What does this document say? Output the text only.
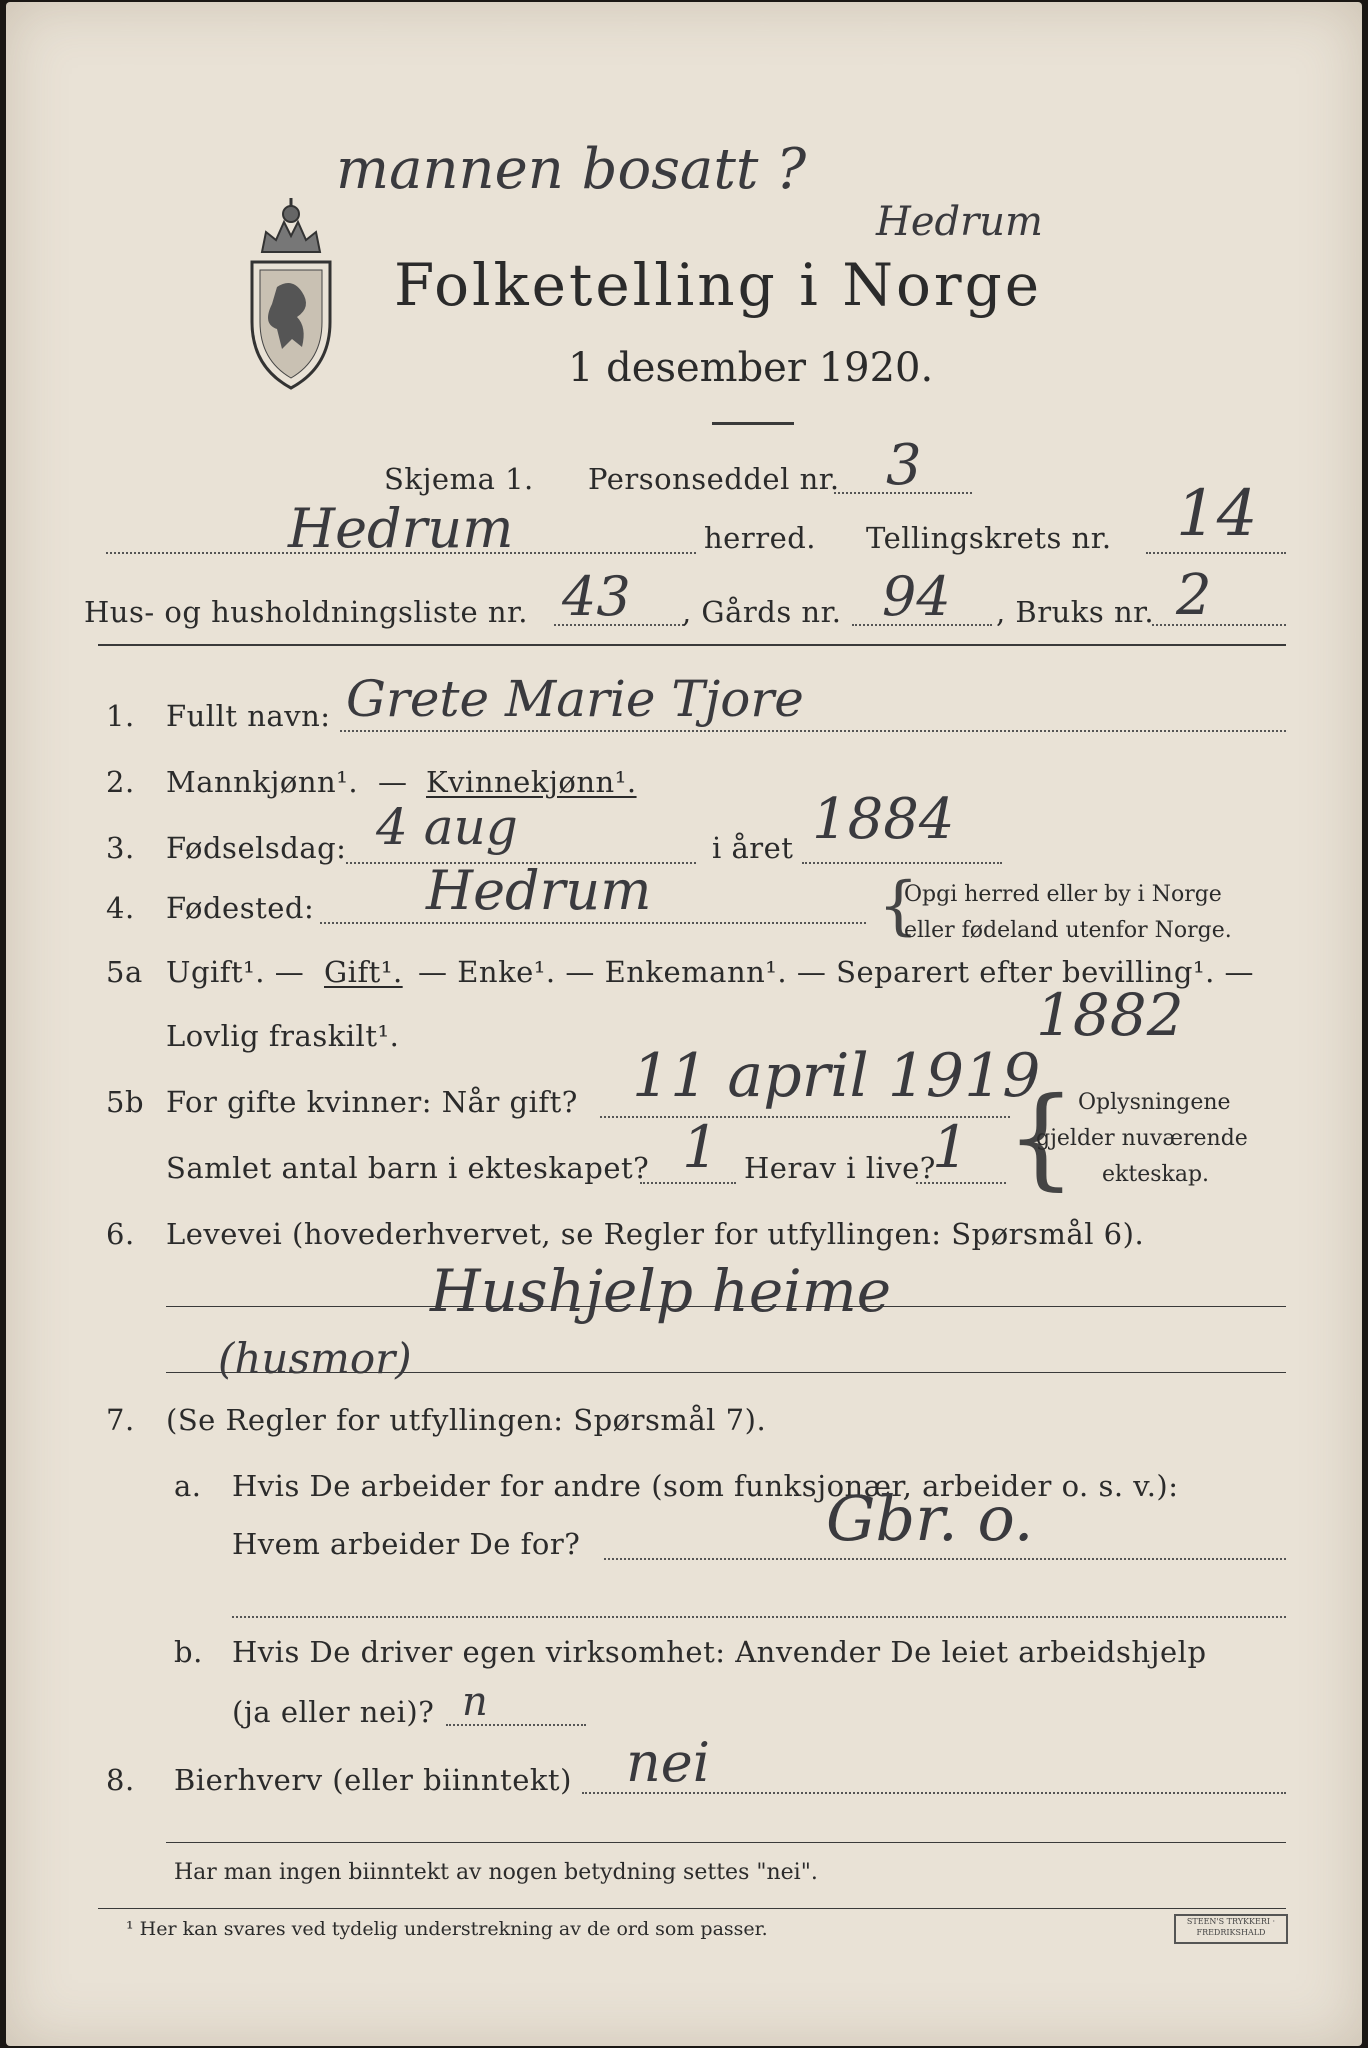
mannen bosatt ?
Hedrum
Folketelling i Norge
1 desember 1920.
Skjema 1. Personseddel nr. 3
Hedrum	herred. Tellingskrets nr. 14
Hus- og husholdningsliste nr. 43 , Gårds nr. 94 , Bruks nr. 2
1. Fullt navn: Grete Marie Tjore
2. Mannkjønn¹. — Kvinnekjønn¹.
3. Fødselsdag: 4 aug	i året 1884
4. Fødested: Hedrum	{
Opgi herred eller by i Norge
eller fødeland utenfor Norge.
5a Ugift¹. — Gift¹. — Enke¹. — Enkemann¹. — Separert efter bevilling¹. —
Lovlig fraskilt¹.	1882
5b For gifte kvinner: Når gift? 11 april 1919
Samlet antal barn i ekteskapet? 1 Herav i live?
1 { Oplysningene
gjelder nuværende
ekteskap.
6. Levevei (hovederhvervet, se Regler for utfyllingen: Spørsmål 6).
Hushjelp heime
(husmor)
7. (Se Regler for utfyllingen: Spørsmål 7).
a. Hvis De arbeider for andre (som funksjonær, arbeider o. s. v.):
Hvem arbeider De for?	Gbr. o.
b. Hvis De driver egen virksomhet: Anvender De leiet arbeidshjelp
(ja eller nei)? n
8. Bierhverv (eller biinntekt) nei
Har man ingen biinntekt av nogen betydning settes "nei".
¹ Her kan svares ved tydelig understrekning av de ord som passer.	STEEN'S TRYKKERI · FREDRIKSHALD
